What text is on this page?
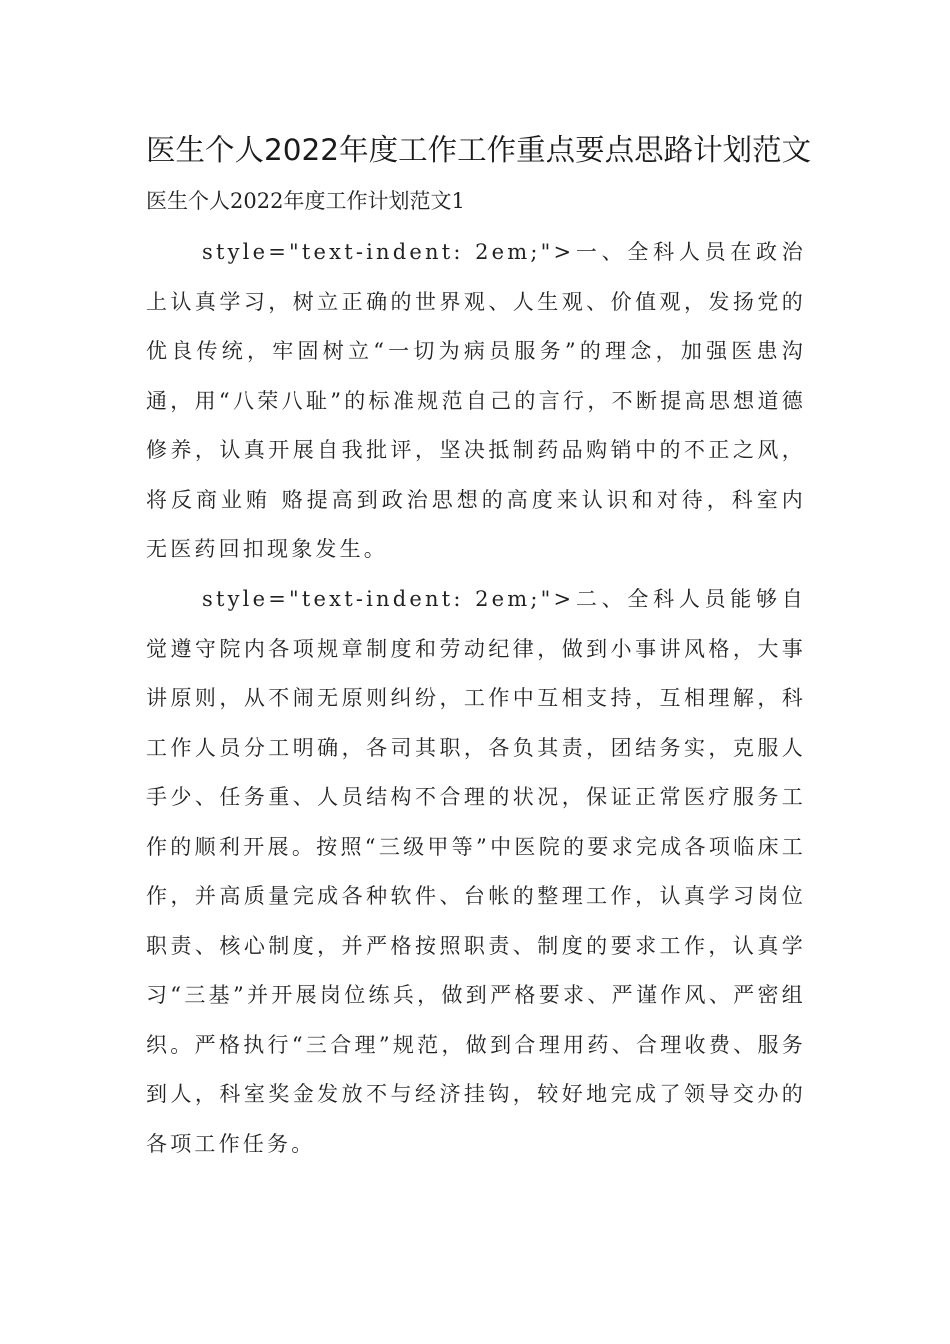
医生个人2022年度工作工作重点要点思路计划范文

医生个人2022年度工作计划范文1

style="text-indent: 2em;">一、全科人员在政治上认真学习，树立正确的世界观、人生观、价值观，发扬党的优良传统，牢固树立“一切为病员服务”的理念，加强医患沟通，用“八荣八耻”的标准规范自己的言行，不断提高思想道德修养，认真开展自我批评，坚决抵制药品购销中的不正之风，将反商业贿 赂提高到政治思想的高度来认识和对待，科室内无医药回扣现象发生。

style="text-indent: 2em;">二、全科人员能够自觉遵守院内各项规章制度和劳动纪律，做到小事讲风格，大事讲原则，从不闹无原则纠纷，工作中互相支持，互相理解，科工作人员分工明确，各司其职，各负其责，团结务实，克服人手少、任务重、人员结构不合理的状况，保证正常医疗服务工作的顺利开展。按照“三级甲等”中医院的要求完成各项临床工作，并高质量完成各种软件、台帐的整理工作，认真学习岗位职责、核心制度，并严格按照职责、制度的要求工作，认真学习“三基”并开展岗位练兵，做到严格要求、严谨作风、严密组织。严格执行“三合理”规范，做到合理用药、合理收费、服务到人，科室奖金发放不与经济挂钩，较好地完成了领导交办的各项工作任务。
